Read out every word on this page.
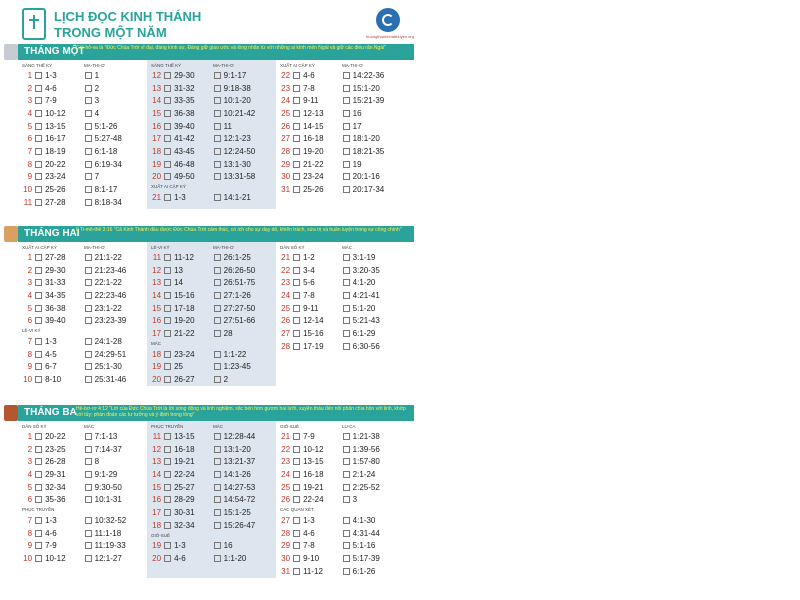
LỊCH ĐỌC KINH THÁNH
TRONG MỘT NĂM	truongthanhnhatthuyen.org
THÁNG MỘT
Giê-hô-va là "Đức Chúa Trời vĩ đại, đáng kính sợ, Đấng giữ giao ước và lòng nhân từ với những ai kính mến Ngài và giữ các điều răn Ngài"
SÁNG THẾ KÝ	MA-THI-Ơ
1 1-3	1
2 4-6	2
3 7-9	3
4 10-12	4
5 13-15	5:1-26
6 16-17	5:27-48
7 18-19	6:1-18
8 20-22	6:19-34
9 23-24	7
10 25-26	8:1-17
11 27-28	8:18-34
SÁNG THẾ KÝ	MA-THI-Ơ
12 29-30	9:1-17
13 31-32	9:18-38
14 33-35	10:1-20
15 36-38	10:21-42
16 39-40	11
17 41-42	12:1-23
18 43-45	12:24-50
19 46-48	13:1-30
20 49-50	13:31-58
XUẤT AI CẬP KÝ
21 1-3	14:1-21
XUẤT AI CẬP KÝ	MA-THI-Ơ
22 4-6	14:22-36
23 7-8	15:1-20
24 9-11	15:21-39
25 12-13	16
26 14-15	17
27 16-18	18:1-20
28 19-20	18:21-35
29 21-22	19
30 23-24	20:1-16
31 25-26	20:17-34
THÁNG HAI
II Ti-mô-thê 3:16 "Cả Kinh Thánh đều được Đức Chúa Trời cảm thúc, có ích cho sự dạy dỗ, khiển trách, sửa trị và huấn luyện trong sự công chính"
XUẤT AI CẬP KÝ	MA-THI-Ơ
1 27-28	21:1-22
2 29-30	21:23-46
3 31-33	22:1-22
4 34-35	22:23-46
5 36-38	23:1-22
6 39-40	23:23-39
LÊ-VI KÝ
7 1-3	24:1-28
8 4-5	24:29-51
9 6-7	25:1-30
10 8-10	25:31-46
LÊ-VI KÝ	MA-THI-Ơ
11 11-12	26:1-25
12 13	26:26-50
13 14	26:51-75
14 15-16	27:1-26
15 17-18	27:27-50
16 19-20	27:51-66
17 21-22	28
MÁC
18 23-24	1:1-22
19 25	1:23-45
20 26-27	2
DÂN SỐ KÝ	MÁC
21 1-2	3:1-19
22 3-4	3:20-35
23 5-6	4:1-20
24 7-8	4:21-41
25 9-11	5:1-20
26 12-14	5:21-43
27 15-16	6:1-29
28 17-19	6:30-56
THÁNG BA Hê-bơ-rơ 4:12 "Lời của Đức Chúa Trời là lời sống động và linh nghiệm, sắc bén hơn gươm hai lưỡi, xuyên thấu đến nỗi phân chia hồn với linh, khớp với tủy; phán đoán các tư tưởng và ý định trong lòng"
DÂN SỐ KÝ	MÁC
1 20-22	7:1-13
2 23-25	7:14-37
3 26-28	8
4 29-31	9:1-29
5 32-34	9:30-50
6 35-36	10:1-31
PHỤC TRUYỀN
7 1-3	10:32-52
8 4-6	11:1-18
9 7-9	11:19-33
10 10-12	12:1-27
PHỤC TRUYỀN	MÁC
11 13-15	12:28-44
12 16-18	13:1-20
13 19-21	13:21-37
14 22-24	14:1-26
15 25-27	14:27-53
16 28-29	14:54-72
17 30-31	15:1-25
18 32-34	15:26-47
GIÔ-SUÊ
19 1-3	16
20 4-6	1:1-20
GIÔ-SUÊ	LU-CA
21 7-9	1:21-38
22 10-12	1:39-56
23 13-15	1:57-80
24 16-18	2:1-24
25 19-21	2:25-52
26 22-24	3
CÁC QUAN XÉT
27 1-3	4:1-30
28 4-6	4:31-44
29 7-8	5:1-16
30 9-10	5:17-39
31 11-12	6:1-26
